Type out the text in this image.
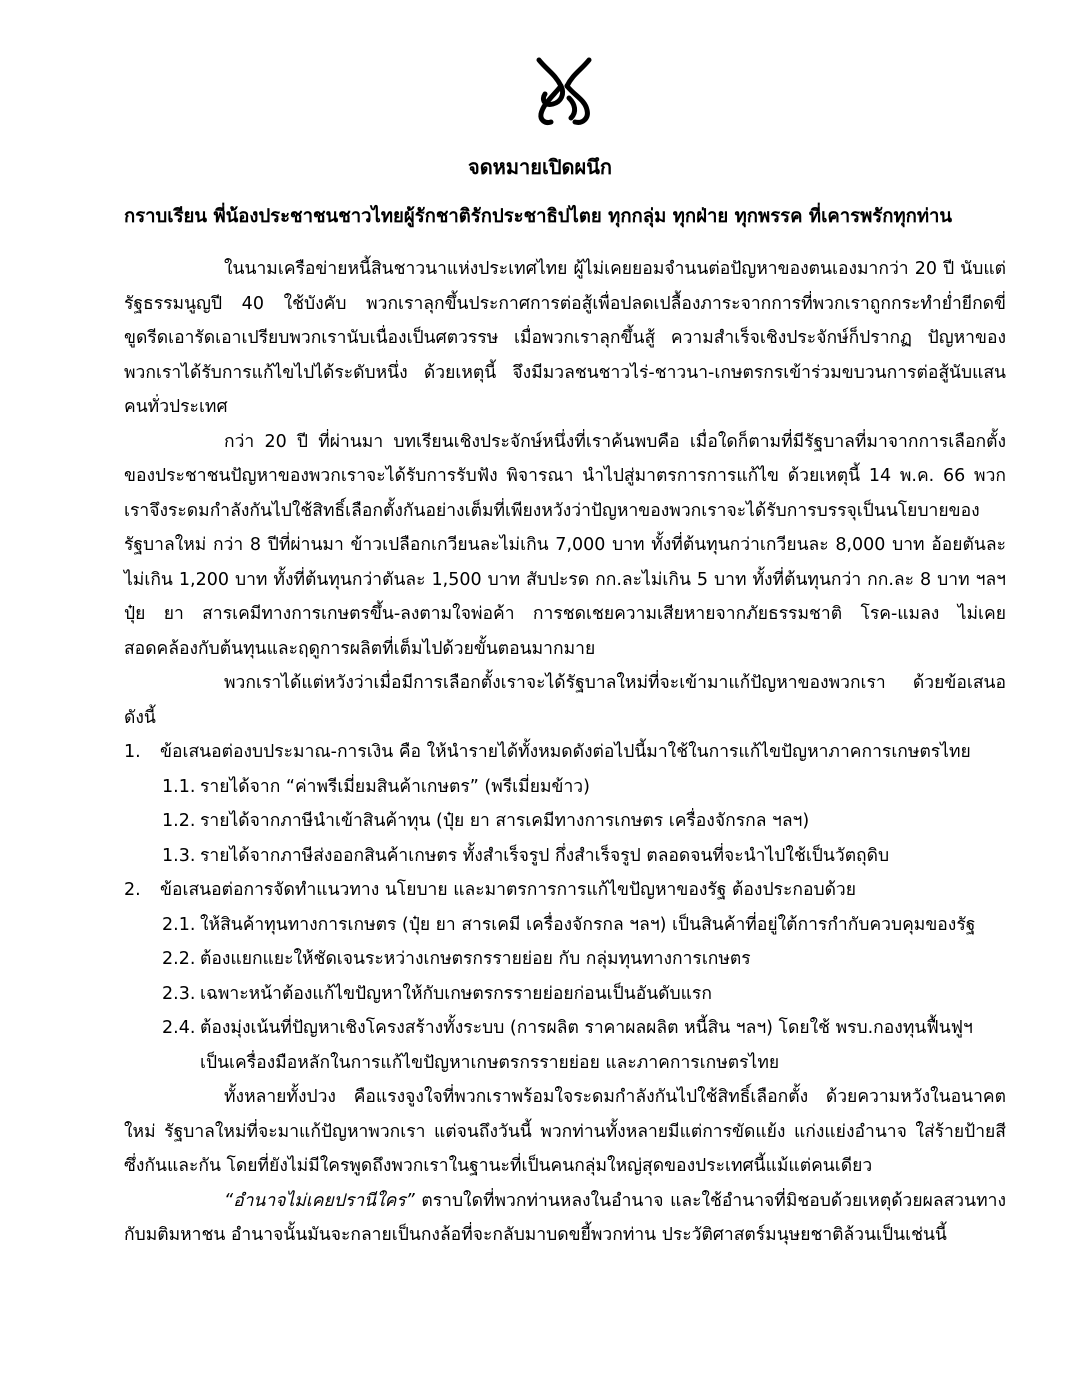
จดหมายเปิดผนึก
กราบเรียน พี่น้องประชาชนชาวไทยผู้รักชาติรักประชาธิปไตย ทุกกลุ่ม ทุกฝ่าย ทุกพรรค ที่เคารพรักทุกท่าน

ในนามเครือข่ายหนี้สินชาวนาแห่งประเทศไทย ผู้ไม่เคยยอมจำนนต่อปัญหาของตนเองมากว่า 20 ปี นับแต่รัฐธรรมนูญปี 40 ใช้บังคับ พวกเราลุกขึ้นประกาศการต่อสู้เพื่อปลดเปลื้องภาระจากการที่พวกเราถูกกระทำย่ำยีกดขี่ขูดรีดเอารัดเอาเปรียบพวกเรานับเนื่องเป็นศตวรรษ เมื่อพวกเราลุกขึ้นสู้ ความสำเร็จเชิงประจักษ์ก็ปรากฏ ปัญหาของพวกเราได้รับการแก้ไขไปได้ระดับหนึ่ง ด้วยเหตุนี้ จึงมีมวลชนชาวไร่-ชาวนา-เกษตรกรเข้าร่วมขบวนการต่อสู้นับแสนคนทั่วประเทศ

กว่า 20 ปี ที่ผ่านมา บทเรียนเชิงประจักษ์หนึ่งที่เราค้นพบคือ เมื่อใดก็ตามที่มีรัฐบาลที่มาจากการเลือกตั้งของประชาชนปัญหาของพวกเราจะได้รับการรับฟัง พิจารณา นำไปสู่มาตรการการแก้ไข ด้วยเหตุนี้ 14 พ.ค. 66 พวกเราจึงระดมกำลังกันไปใช้สิทธิ์เลือกตั้งกันอย่างเต็มที่เพียงหวังว่าปัญหาของพวกเราจะได้รับการบรรจุเป็นนโยบายของรัฐบาลใหม่ กว่า 8 ปีที่ผ่านมา ข้าวเปลือกเกวียนละไม่เกิน 7,000 บาท ทั้งที่ต้นทุนกว่าเกวียนละ 8,000 บาท อ้อยตันละไม่เกิน 1,200 บาท ทั้งที่ต้นทุนกว่าตันละ 1,500 บาท สับปะรด กก.ละไม่เกิน 5 บาท ทั้งที่ต้นทุนกว่า กก.ละ 8 บาท ฯลฯ ปุ๋ย ยา สารเคมีทางการเกษตรขึ้น-ลงตามใจพ่อค้า การชดเชยความเสียหายจากภัยธรรมชาติ โรค-แมลง ไม่เคยสอดคล้องกับต้นทุนและฤดูการผลิตที่เต็มไปด้วยขั้นตอนมากมาย

พวกเราได้แต่หวังว่าเมื่อมีการเลือกตั้งเราจะได้รัฐบาลใหม่ที่จะเข้ามาแก้ปัญหาของพวกเรา ด้วยข้อเสนอดังนี้

1. ข้อเสนอต่องบประมาณ-การเงิน คือ ให้นำรายได้ทั้งหมดดังต่อไปนี้มาใช้ในการแก้ไขปัญหาภาคการเกษตรไทย
1.1. รายได้จาก “ค่าพรีเมี่ยมสินค้าเกษตร” (พรีเมี่ยมข้าว)
1.2. รายได้จากภาษีนำเข้าสินค้าทุน (ปุ๋ย ยา สารเคมีทางการเกษตร เครื่องจักรกล ฯลฯ)
1.3. รายได้จากภาษีส่งออกสินค้าเกษตร ทั้งสำเร็จรูป กึ่งสำเร็จรูป ตลอดจนที่จะนำไปใช้เป็นวัตถุดิบ
2. ข้อเสนอต่อการจัดทำแนวทาง นโยบาย และมาตรการการแก้ไขปัญหาของรัฐ ต้องประกอบด้วย
2.1. ให้สินค้าทุนทางการเกษตร (ปุ๋ย ยา สารเคมี เครื่องจักรกล ฯลฯ) เป็นสินค้าที่อยู่ใต้การกำกับควบคุมของรัฐ
2.2. ต้องแยกแยะให้ชัดเจนระหว่างเกษตรกรรายย่อย กับ กลุ่มทุนทางการเกษตร
2.3. เฉพาะหน้าต้องแก้ไขปัญหาให้กับเกษตรกรรายย่อยก่อนเป็นอันดับแรก
2.4. ต้องมุ่งเน้นที่ปัญหาเชิงโครงสร้างทั้งระบบ (การผลิต ราคาผลผลิต หนี้สิน ฯลฯ) โดยใช้ พรบ.กองทุนฟื้นฟูฯ เป็นเครื่องมือหลักในการแก้ไขปัญหาเกษตรกรรายย่อย และภาคการเกษตรไทย

ทั้งหลายทั้งปวง คือแรงจูงใจที่พวกเราพร้อมใจระดมกำลังกันไปใช้สิทธิ์เลือกตั้ง ด้วยความหวังในอนาคตใหม่ รัฐบาลใหม่ที่จะมาแก้ปัญหาพวกเรา แต่จนถึงวันนี้ พวกท่านทั้งหลายมีแต่การขัดแย้ง แก่งแย่งอำนาจ ใส่ร้ายป้ายสีซึ่งกันและกัน โดยที่ยังไม่มีใครพูดถึงพวกเราในฐานะที่เป็นคนกลุ่มใหญ่สุดของประเทศนี้แม้แต่คนเดียว

“อำนาจไม่เคยปรานีใคร” ตราบใดที่พวกท่านหลงในอำนาจ และใช้อำนาจที่มิชอบด้วยเหตุด้วยผลสวนทางกับมติมหาชน อำนาจนั้นมันจะกลายเป็นกงล้อที่จะกลับมาบดขยี้พวกท่าน ประวัติศาสตร์มนุษยชาติล้วนเป็นเช่นนี้
